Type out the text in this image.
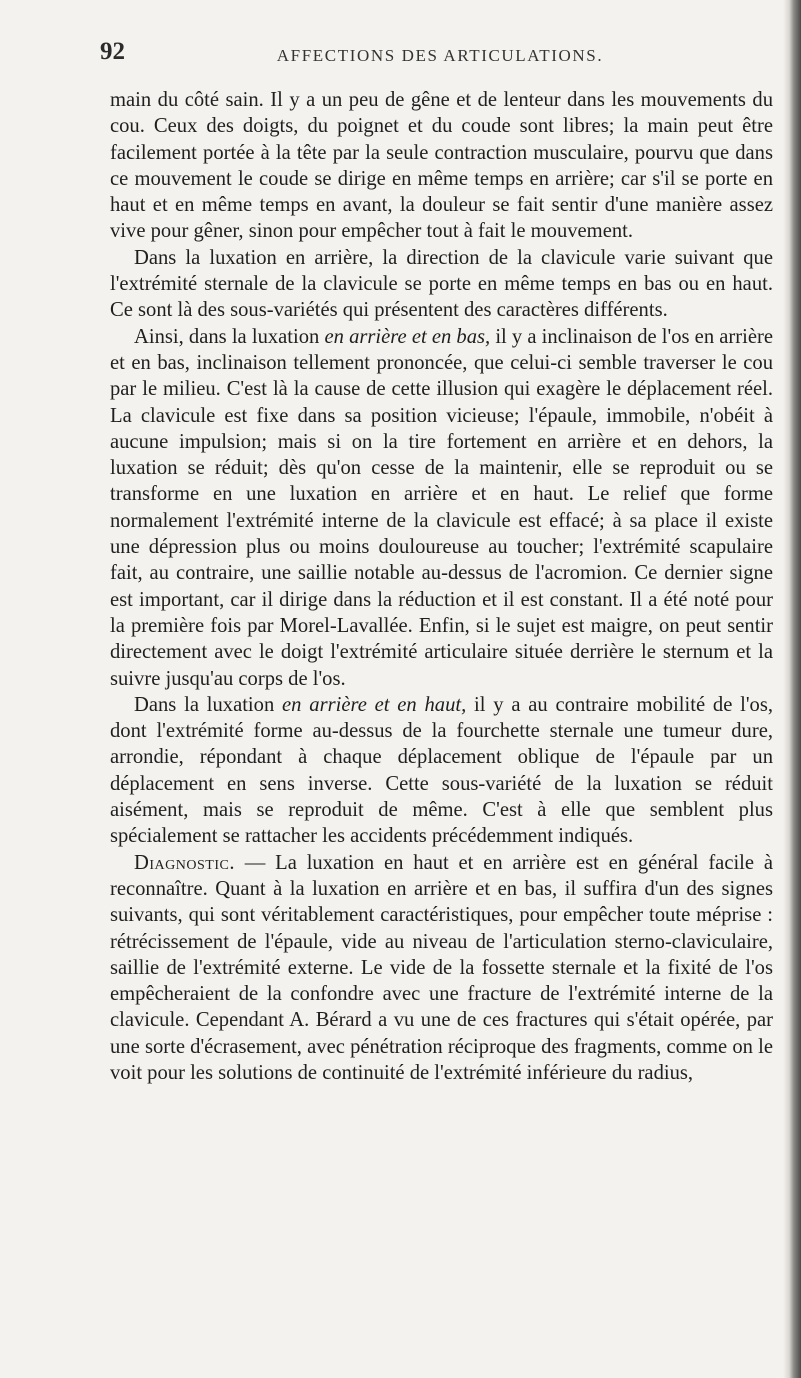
92	AFFECTIONS DES ARTICULATIONS.

main du côté sain. Il y a un peu de gêne et de lenteur dans les mouvements du cou. Ceux des doigts, du poignet et du coude sont libres; la main peut être facilement portée à la tête par la seule contraction musculaire, pourvu que dans ce mouvement le coude se dirige en même temps en arrière; car s'il se porte en haut et en même temps en avant, la douleur se fait sentir d'une manière assez vive pour gêner, sinon pour empêcher tout à fait le mouvement.

Dans la luxation en arrière, la direction de la clavicule varie suivant que l'extrémité sternale de la clavicule se porte en même temps en bas ou en haut. Ce sont là des sous-variétés qui présentent des caractères différents.

Ainsi, dans la luxation en arrière et en bas, il y a inclinaison de l'os en arrière et en bas, inclinaison tellement prononcée, que celui-ci semble traverser le cou par le milieu. C'est là la cause de cette illusion qui exagère le déplacement réel. La clavicule est fixe dans sa position vicieuse; l'épaule, immobile, n'obéit à aucune impulsion; mais si on la tire fortement en arrière et en dehors, la luxation se réduit; dès qu'on cesse de la maintenir, elle se reproduit ou se transforme en une luxation en arrière et en haut. Le relief que forme normalement l'extrémité interne de la clavicule est effacé; à sa place il existe une dépression plus ou moins douloureuse au toucher; l'extrémité scapulaire fait, au contraire, une saillie notable au-dessus de l'acromion. Ce dernier signe est important, car il dirige dans la réduction et il est constant. Il a été noté pour la première fois par Morel-Lavallée. Enfin, si le sujet est maigre, on peut sentir directement avec le doigt l'extrémité articulaire située derrière le sternum et la suivre jusqu'au corps de l'os.

Dans la luxation en arrière et en haut, il y a au contraire mobilité de l'os, dont l'extrémité forme au-dessus de la fourchette sternale une tumeur dure, arrondie, répondant à chaque déplacement oblique de l'épaule par un déplacement en sens inverse. Cette sous-variété de la luxation se réduit aisément, mais se reproduit de même. C'est à elle que semblent plus spécialement se rattacher les accidents précédemment indiqués.

Diagnostic. — La luxation en haut et en arrière est en général facile à reconnaître. Quant à la luxation en arrière et en bas, il suffira d'un des signes suivants, qui sont véritablement caractéristiques, pour empêcher toute méprise : rétrécissement de l'épaule, vide au niveau de l'articulation sterno-claviculaire, saillie de l'extrémité externe. Le vide de la fossette sternale et la fixité de l'os empêcheraient de la confondre avec une fracture de l'extrémité interne de la clavicule. Cependant A. Bérard a vu une de ces fractures qui s'était opérée, par une sorte d'écrasement, avec pénétration réciproque des fragments, comme on le voit pour les solutions de continuité de l'extrémité inférieure du radius,
